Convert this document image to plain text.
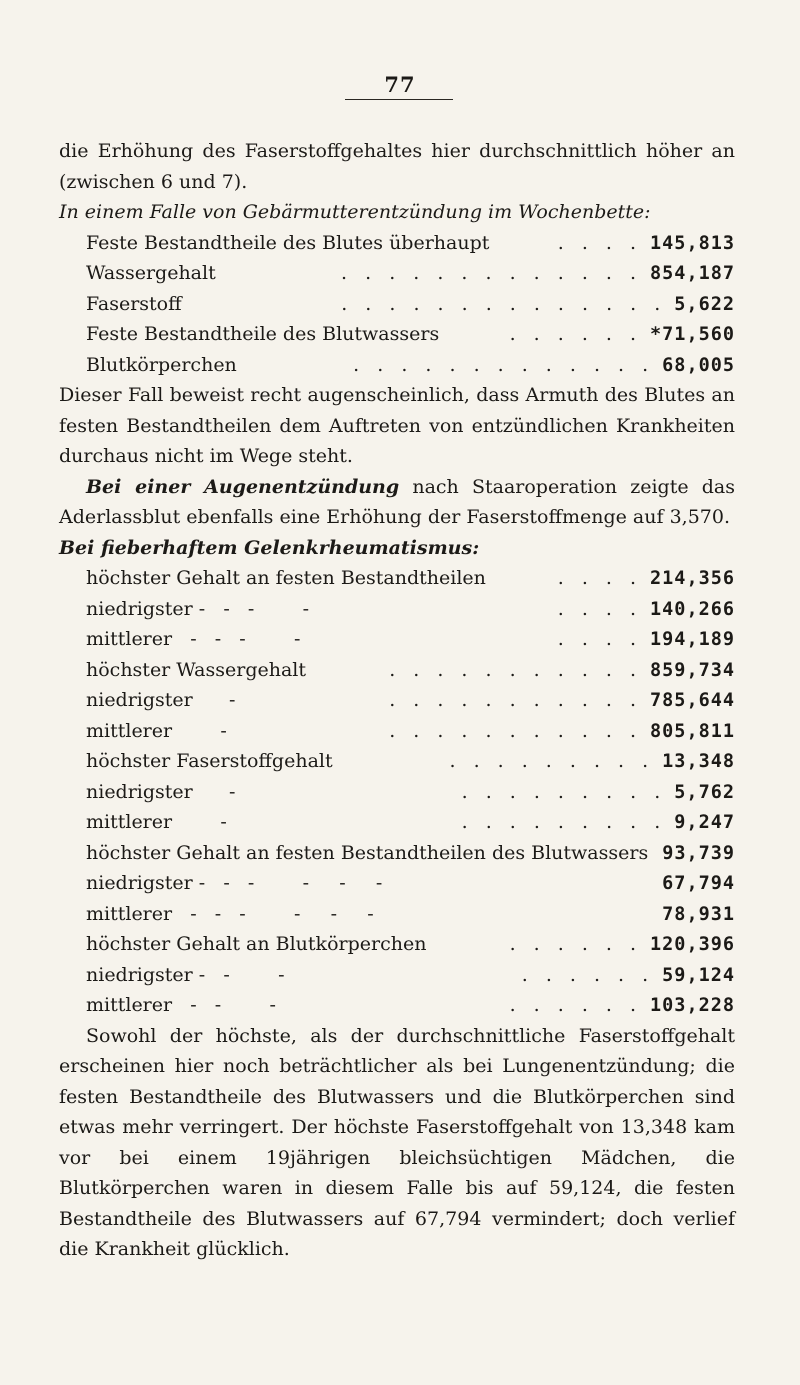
77

die Erhöhung des Faserstoffgehaltes hier durchschnittlich höher an (zwischen 6 und 7).

In einem Falle von Gebärmutterentzündung im Wochenbette:

Feste Bestandtheile des Blutes überhaupt	. . . . 145,813
Wassergehalt	. . . . . . . . . . . . . 854,187
Faserstoff	. . . . . . . . . . . . . . 5,622
Feste Bestandtheile des Blutwassers	. . . . . . *71,560
Blutkörperchen	. . . . . . . . . . . . . 68,005

Dieser Fall beweist recht augenscheinlich, dass Armuth des Blutes an festen Bestandtheilen dem Auftreten von entzündlichen Krankheiten durchaus nicht im Wege steht.

Bei einer Augenentzündung nach Staaroperation zeigte das Aderlassblut ebenfalls eine Erhöhung der Faserstoffmenge auf 3,570.

Bei fieberhaftem Gelenkrheumatismus:

höchster Gehalt an festen Bestandtheilen	. . . . 214,356
niedrigster -   -   -        -	. . . . 140,266
mittlerer   -   -   -        -	. . . . 194,189
höchster Wassergehalt	. . . . . . . . . . . 859,734
niedrigster      -	. . . . . . . . . . . 785,644
mittlerer        -	. . . . . . . . . . . 805,811
höchster Faserstoffgehalt	. . . . . . . . . 13,348
niedrigster      -	. . . . . . . . . 5,762
mittlerer        -	. . . . . . . . . 9,247
höchster Gehalt an festen Bestandtheilen des Blutwassers 93,739
niedrigster -   -   -        -     -     -	67,794
mittlerer   -   -   -        -     -     -	78,931
höchster Gehalt an Blutkörperchen	. . . . . . 120,396
niedrigster -   -        -	. . . . . . 59,124
mittlerer   -   -        -	. . . . . . 103,228

Sowohl der höchste, als der durchschnittliche Faserstoffgehalt erscheinen hier noch beträchtlicher als bei Lungenentzündung; die festen Bestandtheile des Blutwassers und die Blutkörperchen sind etwas mehr verringert. Der höchste Faserstoffgehalt von 13,348 kam vor bei einem 19jährigen bleichsüchtigen Mädchen, die Blutkörperchen waren in diesem Falle bis auf 59,124, die festen Bestandtheile des Blutwassers auf 67,794 vermindert; doch verlief die Krankheit glücklich.
